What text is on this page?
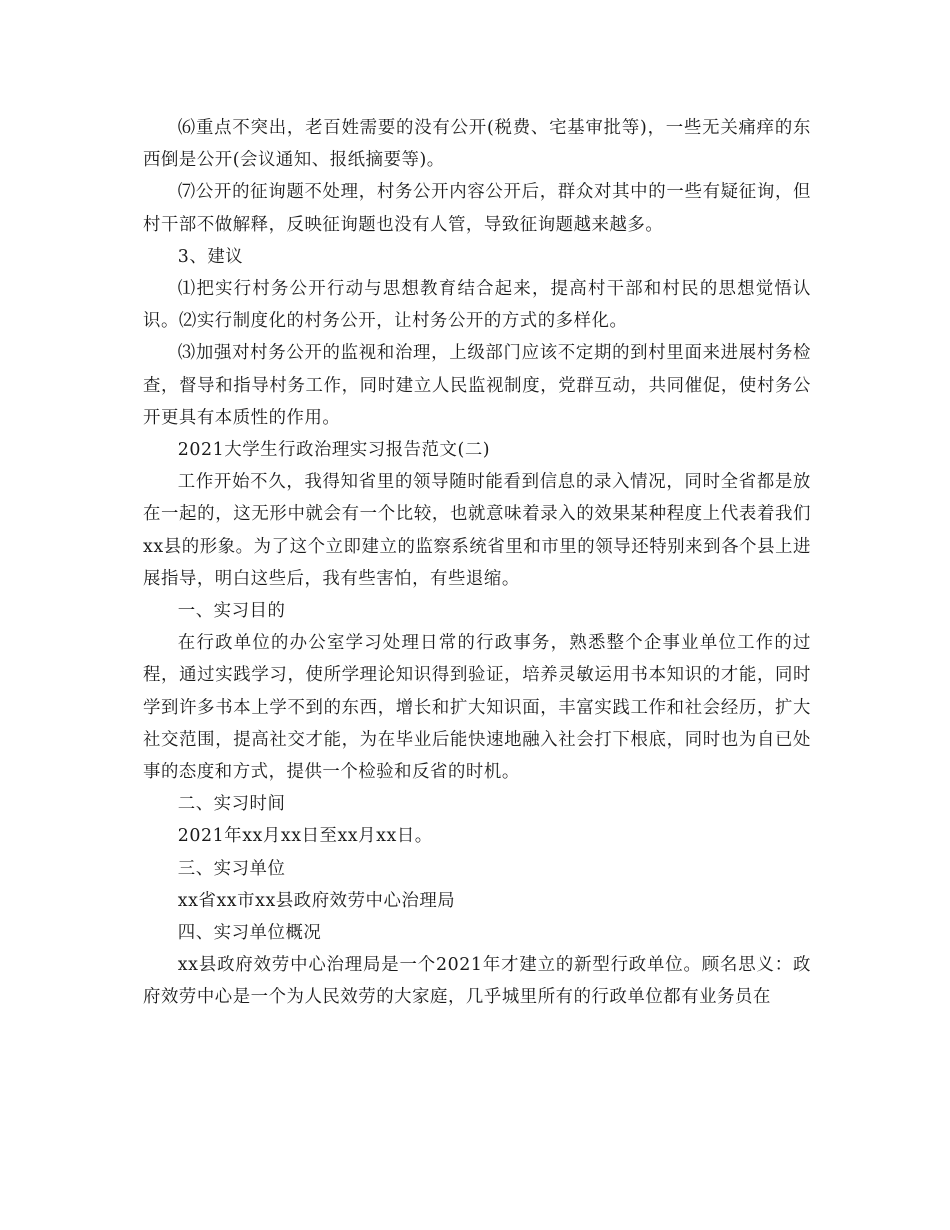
⑹重点不突出，老百姓需要的没有公开(税费、宅基审批等)，一些无关痛痒的东西倒是公开(会议通知、报纸摘要等)。

⑺公开的征询题不处理，村务公开内容公开后，群众对其中的一些有疑征询，但村干部不做解释，反映征询题也没有人管，导致征询题越来越多。

3、建议

⑴把实行村务公开行动与思想教育结合起来，提高村干部和村民的思想觉悟认识。⑵实行制度化的村务公开，让村务公开的方式的多样化。

⑶加强对村务公开的监视和治理，上级部门应该不定期的到村里面来进展村务检查，督导和指导村务工作，同时建立人民监视制度，党群互动，共同催促，使村务公开更具有本质性的作用。

2021大学生行政治理实习报告范文(二)

工作开始不久，我得知省里的领导随时能看到信息的录入情况，同时全省都是放在一起的，这无形中就会有一个比较，也就意味着录入的效果某种程度上代表着我们xx县的形象。为了这个立即建立的监察系统省里和市里的领导还特别来到各个县上进展指导，明白这些后，我有些害怕，有些退缩。

一、实习目的

在行政单位的办公室学习处理日常的行政事务，熟悉整个企事业单位工作的过程，通过实践学习，使所学理论知识得到验证，培养灵敏运用书本知识的才能，同时学到许多书本上学不到的东西，增长和扩大知识面，丰富实践工作和社会经历，扩大社交范围，提高社交才能，为在毕业后能快速地融入社会打下根底，同时也为自已处事的态度和方式，提供一个检验和反省的时机。

二、实习时间

2021年xx月xx日至xx月xx日。

三、实习单位

xx省xx市xx县政府效劳中心治理局

四、实习单位概况

xx县政府效劳中心治理局是一个2021年才建立的新型行政单位。顾名思义：政府效劳中心是一个为人民效劳的大家庭，几乎城里所有的行政单位都有业务员在
